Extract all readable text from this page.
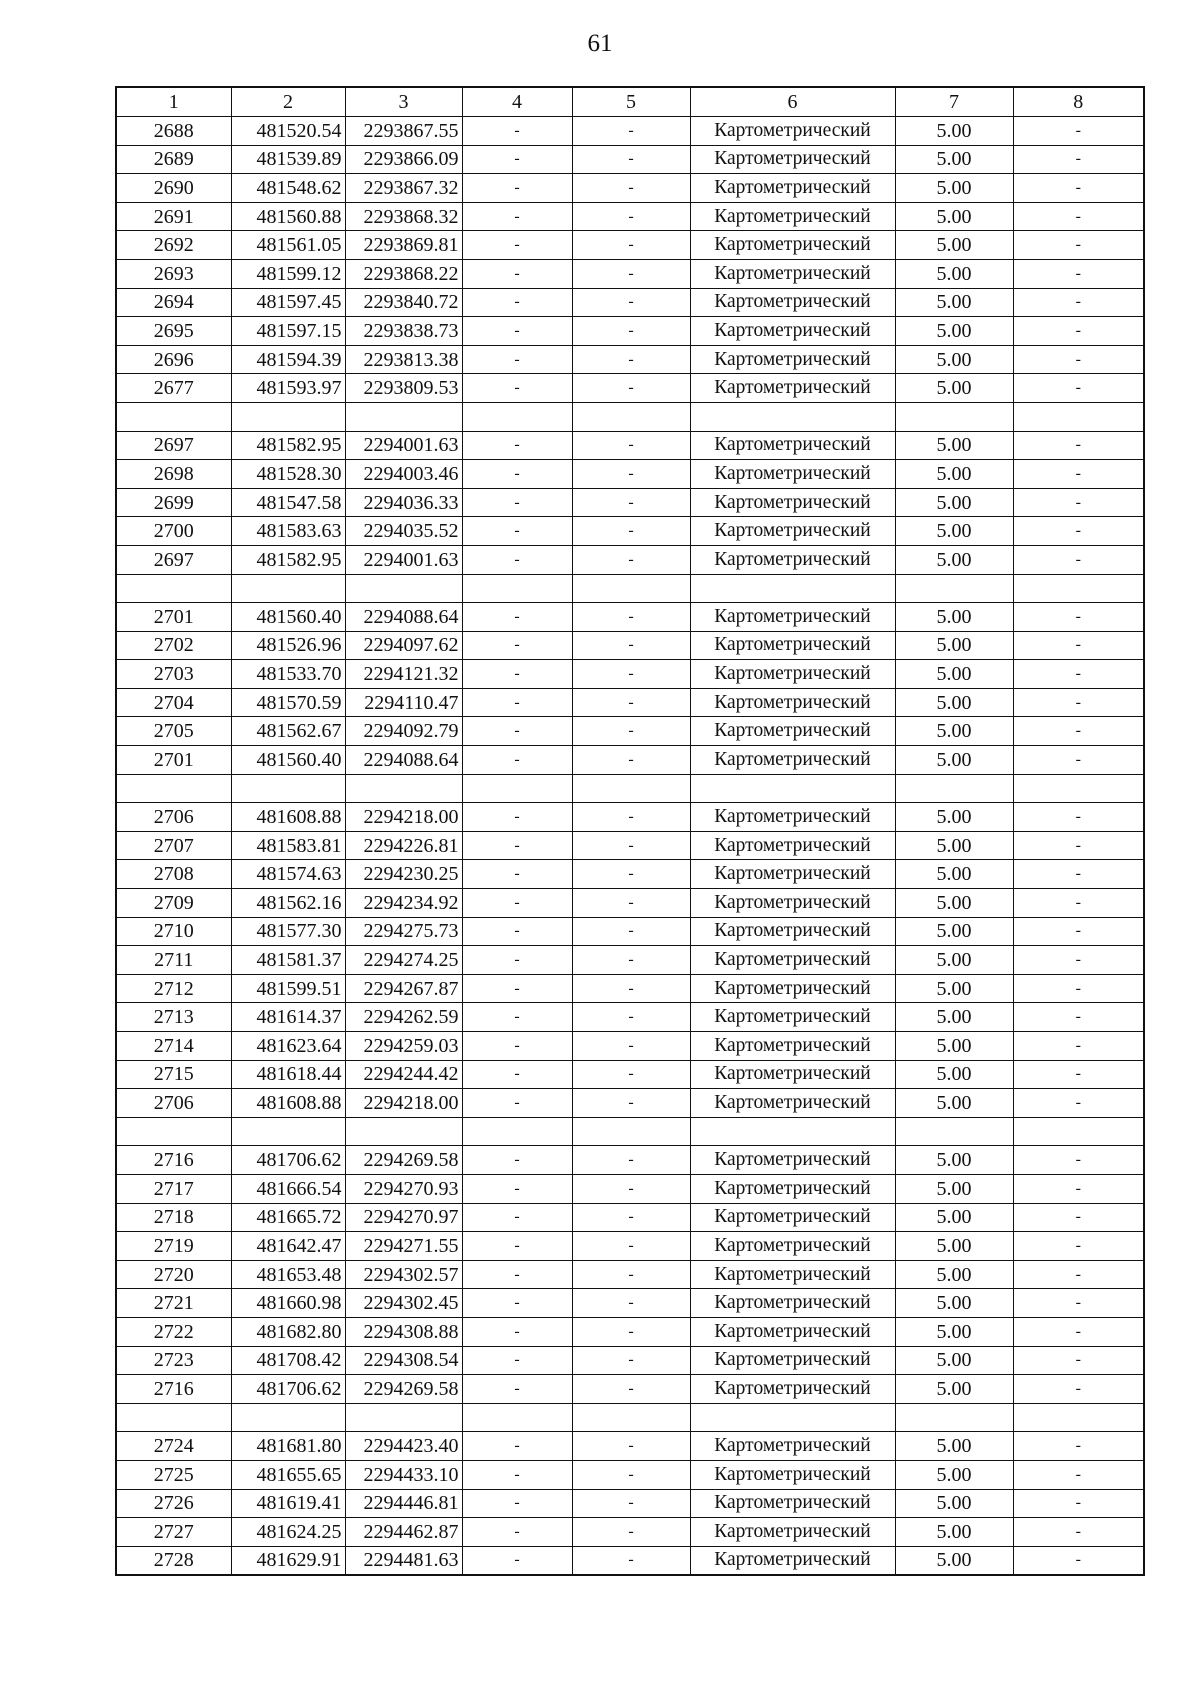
61
1	2	3	4	5	6	7	8
2688	481520.54	2293867.55	-	-	Картометрический	5.00	-
2689	481539.89	2293866.09	-	-	Картометрический	5.00	-
2690	481548.62	2293867.32	-	-	Картометрический	5.00	-
2691	481560.88	2293868.32	-	-	Картометрический	5.00	-
2692	481561.05	2293869.81	-	-	Картометрический	5.00	-
2693	481599.12	2293868.22	-	-	Картометрический	5.00	-
2694	481597.45	2293840.72	-	-	Картометрический	5.00	-
2695	481597.15	2293838.73	-	-	Картометрический	5.00	-
2696	481594.39	2293813.38	-	-	Картометрический	5.00	-
2677	481593.97	2293809.53	-	-	Картометрический	5.00	-

2697	481582.95	2294001.63	-	-	Картометрический	5.00	-
2698	481528.30	2294003.46	-	-	Картометрический	5.00	-
2699	481547.58	2294036.33	-	-	Картометрический	5.00	-
2700	481583.63	2294035.52	-	-	Картометрический	5.00	-
2697	481582.95	2294001.63	-	-	Картометрический	5.00	-

2701	481560.40	2294088.64	-	-	Картометрический	5.00	-
2702	481526.96	2294097.62	-	-	Картометрический	5.00	-
2703	481533.70	2294121.32	-	-	Картометрический	5.00	-
2704	481570.59	2294110.47	-	-	Картометрический	5.00	-
2705	481562.67	2294092.79	-	-	Картометрический	5.00	-
2701	481560.40	2294088.64	-	-	Картометрический	5.00	-

2706	481608.88	2294218.00	-	-	Картометрический	5.00	-
2707	481583.81	2294226.81	-	-	Картометрический	5.00	-
2708	481574.63	2294230.25	-	-	Картометрический	5.00	-
2709	481562.16	2294234.92	-	-	Картометрический	5.00	-
2710	481577.30	2294275.73	-	-	Картометрический	5.00	-
2711	481581.37	2294274.25	-	-	Картометрический	5.00	-
2712	481599.51	2294267.87	-	-	Картометрический	5.00	-
2713	481614.37	2294262.59	-	-	Картометрический	5.00	-
2714	481623.64	2294259.03	-	-	Картометрический	5.00	-
2715	481618.44	2294244.42	-	-	Картометрический	5.00	-
2706	481608.88	2294218.00	-	-	Картометрический	5.00	-

2716	481706.62	2294269.58	-	-	Картометрический	5.00	-
2717	481666.54	2294270.93	-	-	Картометрический	5.00	-
2718	481665.72	2294270.97	-	-	Картометрический	5.00	-
2719	481642.47	2294271.55	-	-	Картометрический	5.00	-
2720	481653.48	2294302.57	-	-	Картометрический	5.00	-
2721	481660.98	2294302.45	-	-	Картометрический	5.00	-
2722	481682.80	2294308.88	-	-	Картометрический	5.00	-
2723	481708.42	2294308.54	-	-	Картометрический	5.00	-
2716	481706.62	2294269.58	-	-	Картометрический	5.00	-

2724	481681.80	2294423.40	-	-	Картометрический	5.00	-
2725	481655.65	2294433.10	-	-	Картометрический	5.00	-
2726	481619.41	2294446.81	-	-	Картометрический	5.00	-
2727	481624.25	2294462.87	-	-	Картометрический	5.00	-
2728	481629.91	2294481.63	-	-	Картометрический	5.00	-
